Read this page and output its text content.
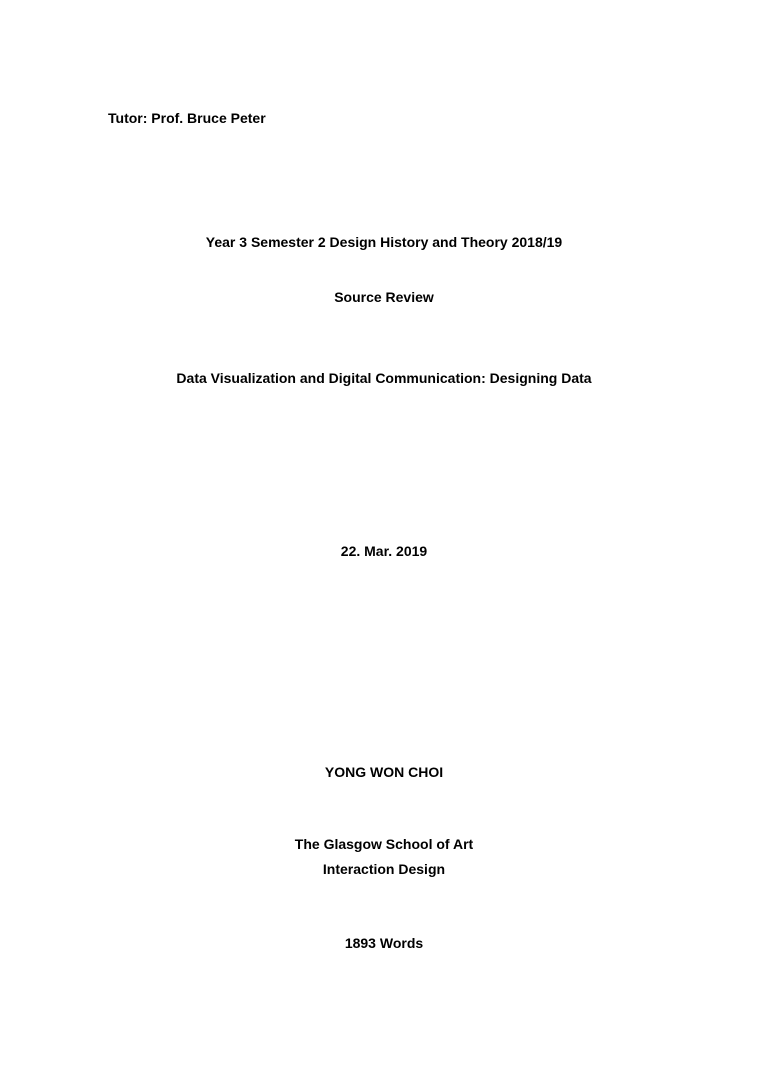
Tutor: Prof. Bruce Peter
Year 3 Semester 2 Design History and Theory 2018/19
Source Review
Data Visualization and Digital Communication: Designing Data
22. Mar. 2019
YONG WON CHOI
The Glasgow School of Art
Interaction Design
1893 Words
